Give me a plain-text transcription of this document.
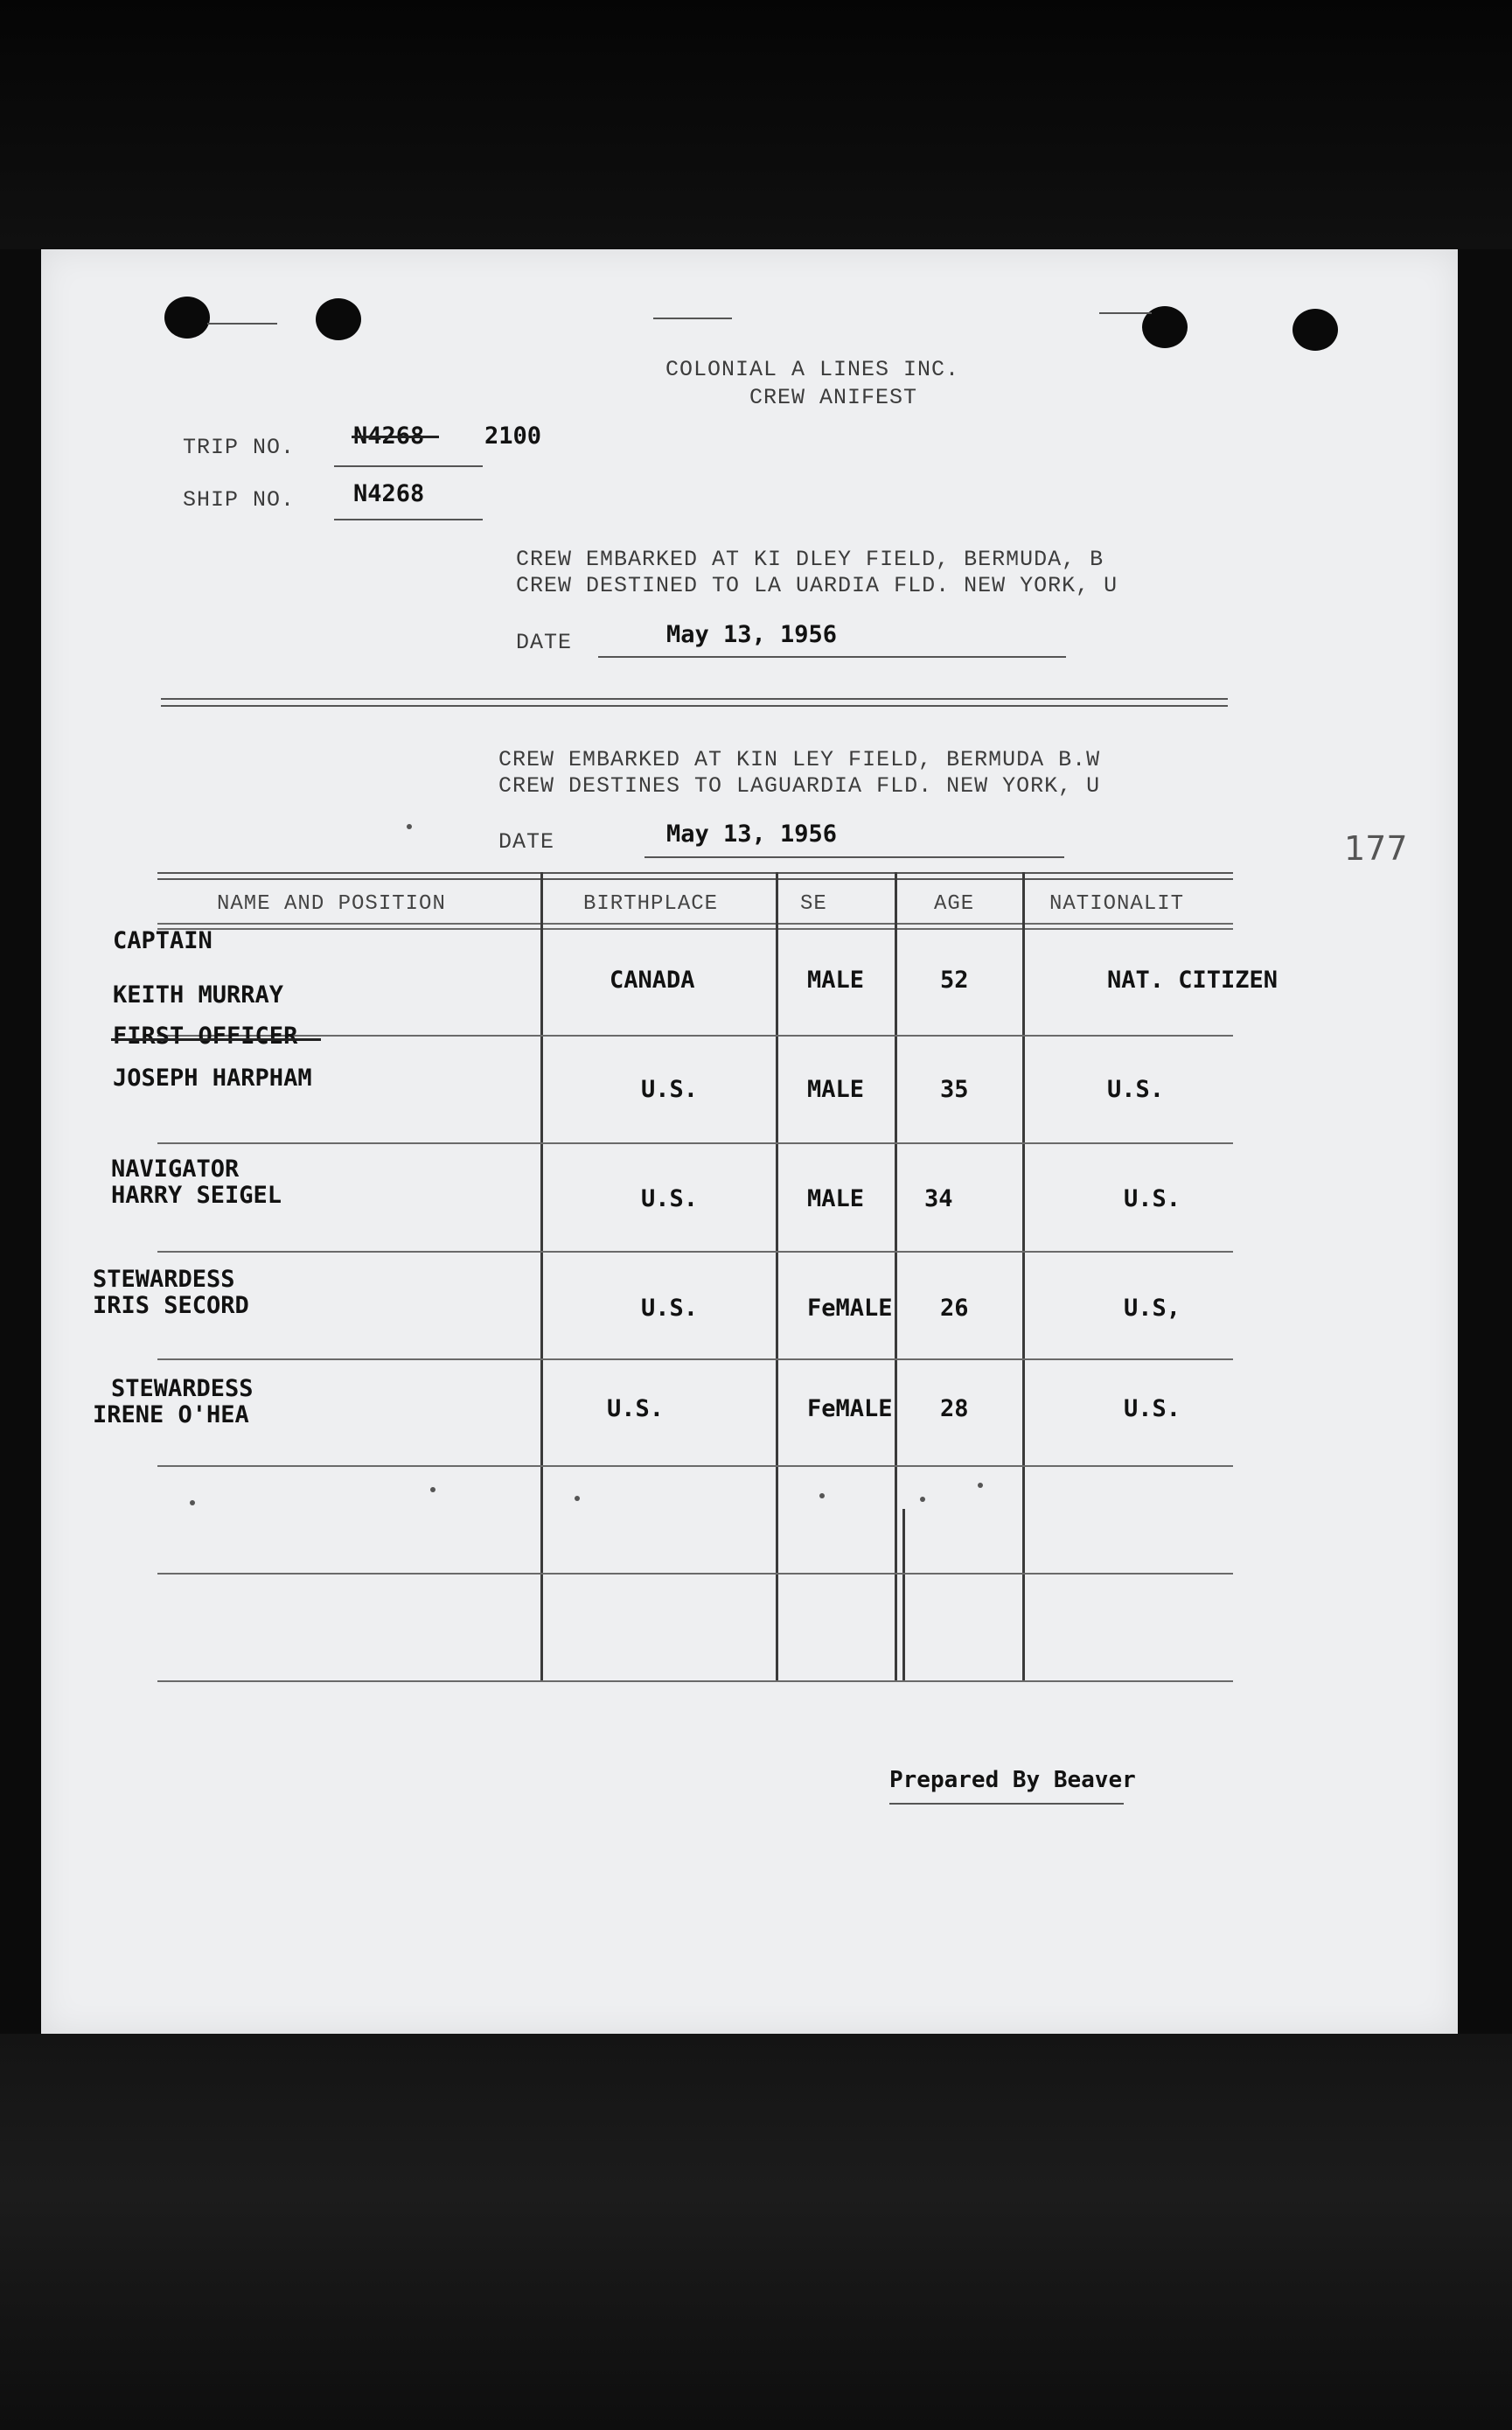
COLONIAL A LINES INC.
CREW ANIFEST
TRIP NO. N4268	2100
SHIP NO. N4268
CREW EMBARKED AT KI DLEY FIELD, BERMUDA, B
CREW DESTINED TO LA UARDIA FLD. NEW YORK, U
DATE	May 13, 1956
CREW EMBARKED AT KIN LEY FIELD, BERMUDA B.W
CREW DESTINES TO LAGUARDIA FLD. NEW YORK, U
DATE	May 13, 1956	177
NAME AND POSITION	BIRTHPLACE	SE	AGE	NATIONALIT
CAPTAIN
KEITH MURRAY
CANADA	MALE	52	NAT. CITIZEN
FIRST OFFICER
JOSEPH HARPHAM	U.S.	MALE	35	U.S.
NAVIGATOR
HARRY SEIGEL	U.S.	MALE	34	U.S.
STEWARDESS
IRIS SECORD	U.S.	FeMALE 26	U.S,
STEWARDESS
IRENE O'HEA	U.S.	FeMALE 28	U.S.
Prepared By Beaver
